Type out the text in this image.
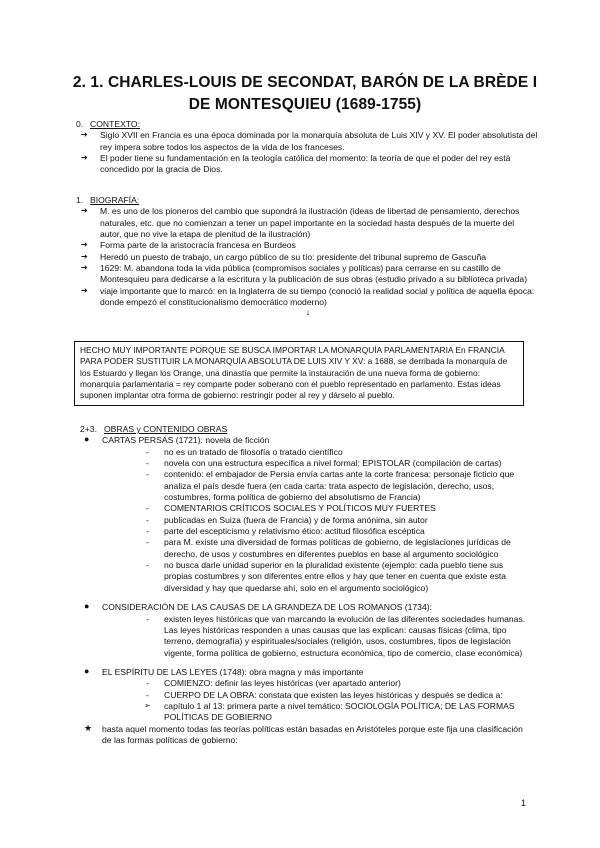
2. 1. CHARLES-LOUIS DE SECONDAT, BARÓN DE LA BRÈDE I DE MONTESQUIEU (1689-1755)
0. CONTEXTO:
➔ Siglo XVII en Francia es una época dominada por la monarquía absoluta de Luis XIV y XV. El poder absolutista del rey impera sobre todos los aspectos de la vida de los franceses.
➔ El poder tiene su fundamentación en la teología católica del momento: la teoría de que el poder del rey está concedido por la gracia de Dios.
1. BIOGRAFÍA:
➔ M. es uno de los pioneros del cambio que supondrá la ilustración (ideas de libertad de pensamiento, derechos naturales, etc. que no comienzan a tener un papel importante en la sociedad hasta después de la muerte del autor, que no vive la etapa de plenitud de la ilustración)
➔ Forma parte de la aristocracia francesa en Burdeos
➔ Heredó un puesto de trabajo, un cargo público de su tío: presidente del tribunal supremo de Gascuña
➔ 1629: M. abandona toda la vida pública (compromisos sociales y políticas) para cerrarse en su castillo de Montesquieu para dedicarse a la escritura y la publicación de sus obras (estudio privado a su biblioteca privada)
➔ viaje importante que lo marcó: en la Inglaterra de su tiempo (conoció la realidad social y política de aquella época: donde empezó el constitucionalismo democrático moderno)
↓
HECHO MUY IMPORTANTE PORQUE SE BUSCA IMPORTAR LA MONARQUÍA PARLAMENTARIA En FRANCIA PARA PODER SUSTITUIR LA MONARQUÍA ABSOLUTA DE LUIS XIV Y XV: a 1688, se derribada la monarquía de los Estuardo y llegan los Orange, una dinastía que permite la instauración de una nueva forma de gobierno: monarquía parlamentaria = rey comparte poder soberano con el pueblo representado en parlamento. Estas ideas suponen implantar otra forma de gobierno: restringir poder al rey y dárselo al pueblo.
2+3. OBRAS y CONTENIDO OBRAS
● CARTAS PERSAS (1721): novela de ficción
- no es un tratado de filosofía o tratado científico
- novela con una estructura específica a nivel formal: EPISTOLAR (compilación de cartas)
- contenido: el embajador de Persia envía cartas ante la corte francesa: personaje ficticio que analiza el país desde fuera (en cada carta: trata aspecto de legislación, derecho, usos, costumbres, forma política de gobierno del absolutismo de Francia)
- COMENTARIOS CRÍTICOS SOCIALES Y POLÍTICOS MUY FUERTES
- publicadas en Suiza (fuera de Francia) y de forma anónima, sin autor
- parte del escepticismo y relativismo ético: actitud filosófica escéptica
- para M. existe una diversidad de formas políticas de gobierno, de legislaciones jurídicas de derecho, de usos y costumbres en diferentes pueblos en base al argumento sociológico
- no busca darle unidad superior en la pluralidad existente (ejemplo: cada pueblo tiene sus propias costumbres y son diferentes entre ellos y hay que tener en cuenta que existe esta diversidad y hay que quedarse ahí, solo en el argumento sociológico)
● CONSIDERACIÓN DE LAS CAUSAS DE LA GRANDEZA DE LOS ROMANOS (1734):
- existen leyes históricas que van marcando la evolución de las diferentes sociedades humanas. Las leyes históricas responden a unas causas que las explican: causas físicas (clima, tipo terreno, demografía) y espirituales/sociales (religión, usos, costumbres, tipos de legislación vigente, forma política de gobierno, estructura económica, tipo de comercio, clase económica)
● EL ESPÍRITU DE LAS LEYES (1748): obra magna y más importante
- COMIENZO: definir las leyes históricas (ver apartado anterior)
- CUERPO DE LA OBRA: constata que existen las leyes históricas y después se dedica a:
➢ capítulo 1 al 13: primera parte a nivel temático: SOCIOLOGÍA POLÍTICA; DE LAS FORMAS POLÍTICAS DE GOBIERNO
★ hasta aquel momento todas las teorías políticas están basadas en Aristóteles porque este fija una clasificación de las formas políticas de gobierno:
1
